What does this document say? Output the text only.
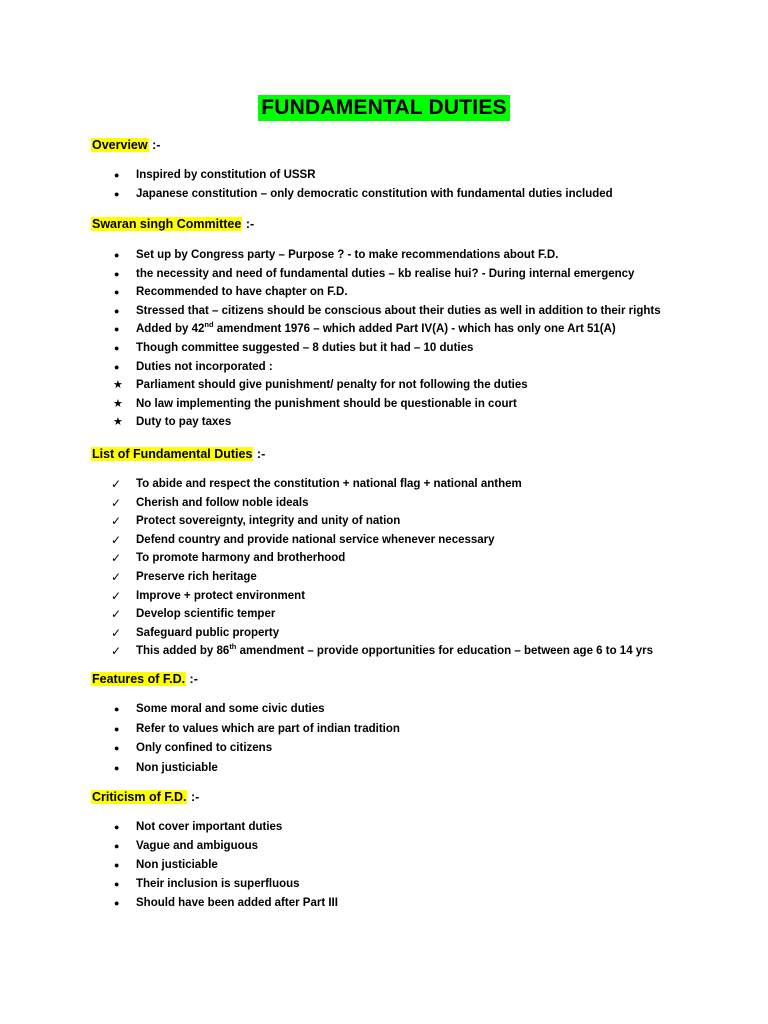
FUNDAMENTAL DUTIES

Overview :-

●	Inspired by constitution of USSR
●	Japanese constitution – only democratic constitution with fundamental duties included

Swaran singh Committee :-

●	Set up by Congress party – Purpose ? - to make recommendations about F.D.
●	the necessity and need of fundamental duties – kb realise hui? - During internal emergency
●	Recommended to have chapter on F.D.
●	Stressed that – citizens should be conscious about their duties as well in addition to their rights
●	Added by 42nd amendment 1976 – which added Part IV(A) - which has only one Art 51(A)
●	Though committee suggested – 8 duties but it had – 10 duties
●	Duties not incorporated :
★	Parliament should give punishment/ penalty for not following the duties
★	No law implementing the punishment should be questionable in court
★	Duty to pay taxes

List of Fundamental Duties :-

✓	To abide and respect the constitution + national flag + national anthem
✓	Cherish and follow noble ideals
✓	Protect sovereignty, integrity and unity of nation
✓	Defend country and provide national service whenever necessary
✓	To promote harmony and brotherhood
✓	Preserve rich heritage
✓	Improve + protect environment
✓	Develop scientific temper
✓	Safeguard public property
✓	This added by 86th amendment – provide opportunities for education – between age 6 to 14 yrs

Features of F.D. :-

●	Some moral and some civic duties
●	Refer to values which are part of indian tradition
●	Only confined to citizens
●	Non justiciable

Criticism of F.D. :-

●	Not cover important duties
●	Vague and ambiguous
●	Non justiciable
●	Their inclusion is superfluous
●	Should have been added after Part III
